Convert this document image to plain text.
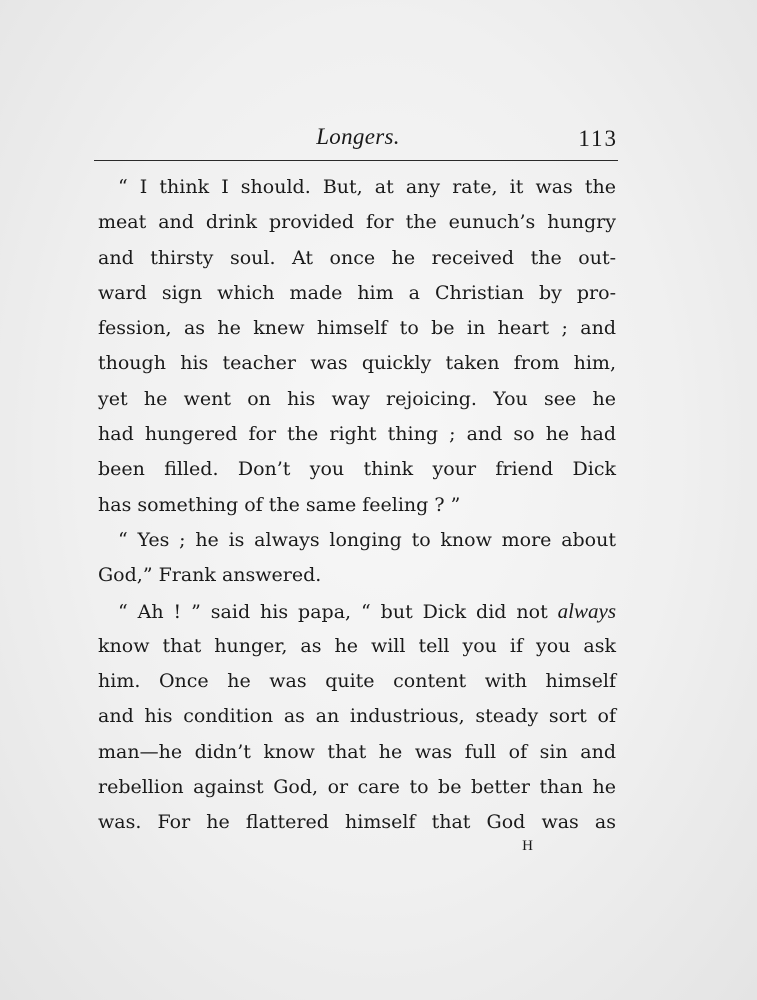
Longers.	113
“ I think I should. But, at any rate, it was the
meat and drink provided for the eunuch’s hungry
and thirsty soul. At once he received the out-
ward sign which made him a Christian by pro-
fession, as he knew himself to be in heart ; and
though his teacher was quickly taken from him,
yet he went on his way rejoicing. You see he
had hungered for the right thing ; and so he had
been filled. Don’t you think your friend Dick
has something of the same feeling ? ”
“ Yes ; he is always longing to know more about
God,” Frank answered.
“ Ah ! ” said his papa, “ but Dick did not always
know that hunger, as he will tell you if you ask
him. Once he was quite content with himself
and his condition as an industrious, steady sort of
man—he didn’t know that he was full of sin and
rebellion against God, or care to be better than he
was. For he flattered himself that God was as
H
